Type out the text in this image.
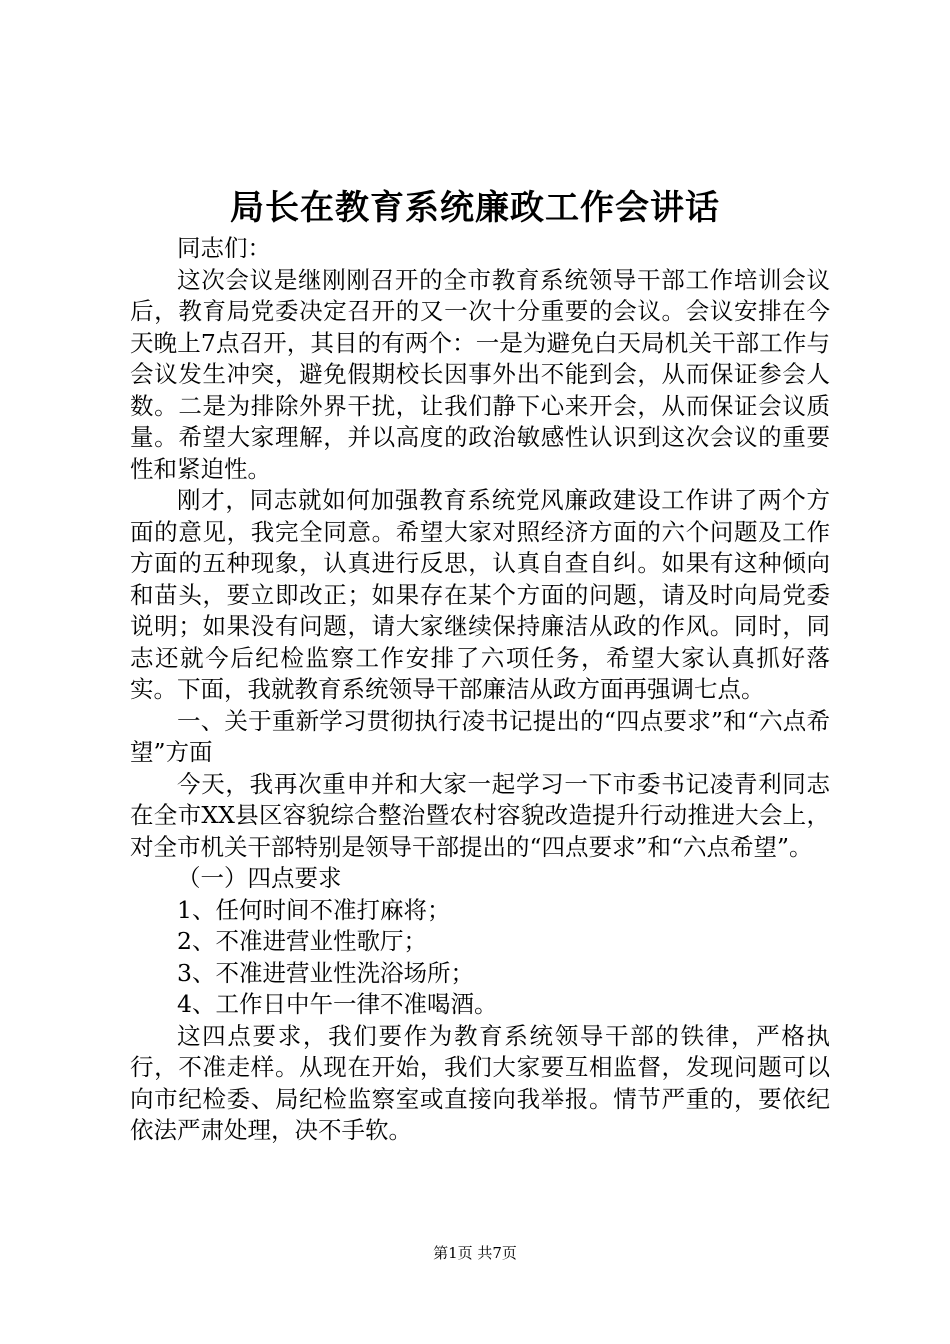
局长在教育系统廉政工作会讲话

同志们：

这次会议是继刚刚召开的全市教育系统领导干部工作培训会议后，教育局党委决定召开的又一次十分重要的会议。会议安排在今天晚上7点召开，其目的有两个：一是为避免白天局机关干部工作与会议发生冲突，避免假期校长因事外出不能到会，从而保证参会人数。二是为排除外界干扰，让我们静下心来开会，从而保证会议质量。希望大家理解，并以高度的政治敏感性认识到这次会议的重要性和紧迫性。

刚才，同志就如何加强教育系统党风廉政建设工作讲了两个方面的意见，我完全同意。希望大家对照经济方面的六个问题及工作方面的五种现象，认真进行反思，认真自查自纠。如果有这种倾向和苗头，要立即改正；如果存在某个方面的问题，请及时向局党委说明；如果没有问题，请大家继续保持廉洁从政的作风。同时，同志还就今后纪检监察工作安排了六项任务，希望大家认真抓好落实。下面，我就教育系统领导干部廉洁从政方面再强调七点。

一、关于重新学习贯彻执行凌书记提出的“四点要求”和“六点希望”方面

今天，我再次重申并和大家一起学习一下市委书记凌青利同志在全市XX县区容貌综合整治暨农村容貌改造提升行动推进大会上，对全市机关干部特别是领导干部提出的“四点要求”和“六点希望”。

（一）四点要求

1、任何时间不准打麻将；

2、不准进营业性歌厅；

3、不准进营业性洗浴场所；

4、工作日中午一律不准喝酒。

这四点要求，我们要作为教育系统领导干部的铁律，严格执行，不准走样。从现在开始，我们大家要互相监督，发现问题可以向市纪检委、局纪检监察室或直接向我举报。情节严重的，要依纪依法严肃处理，决不手软。

第1页 共7页
